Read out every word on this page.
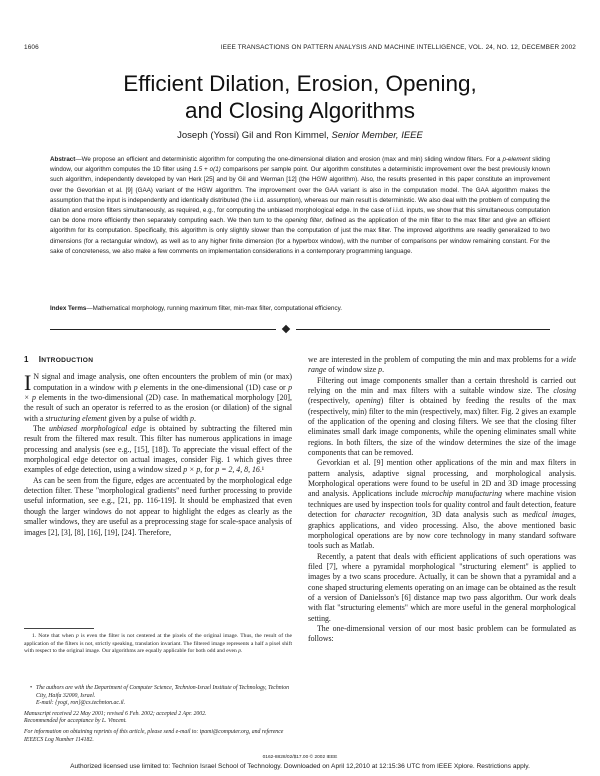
1606	IEEE TRANSACTIONS ON PATTERN ANALYSIS AND MACHINE INTELLIGENCE, VOL. 24, NO. 12, DECEMBER 2002
Efficient Dilation, Erosion, Opening,
and Closing Algorithms
Joseph (Yossi) Gil and Ron Kimmel, Senior Member, IEEE
Abstract—We propose an efficient and deterministic algorithm for computing the one-dimensional dilation and erosion (max and min) sliding window filters. For a p-element sliding window, our algorithm computes the 1D filter using 1.5 + o(1) comparisons per sample point. Our algorithm constitutes a deterministic improvement over the best previously known such algorithm, independently developed by van Herk [25] and by Gil and Werman [12] (the HGW algorithm). Also, the results presented in this paper constitute an improvement over the Gevorkian et al. [9] (GAA) variant of the HGW algorithm. The improvement over the GAA variant is also in the computation model. The GAA algorithm makes the assumption that the input is independently and identically distributed (the i.i.d. assumption), whereas our main result is deterministic. We also deal with the problem of computing the dilation and erosion filters simultaneously, as required, e.g., for computing the unbiased morphological edge. In the case of i.i.d. inputs, we show that this simultaneous computation can be done more efficiently then separately computing each. We then turn to the opening filter, defined as the application of the min filter to the max filter and give an efficient algorithm for its computation. Specifically, this algorithm is only slightly slower than the computation of just the max filter. The improved algorithms are readily generalized to two dimensions (for a rectangular window), as well as to any higher finite dimension (for a hyperbox window), with the number of comparisons per window remaining constant. For the sake of concreteness, we also make a few comments on implementation considerations in a contemporary programming language.
Index Terms—Mathematical morphology, running maximum filter, min-max filter, computational efficiency.
1 INTRODUCTION

I N signal and image analysis, one often encounters the problem of min (or max) computation in a window with p elements in the one-dimensional (1D) case or p × p elements in the two-dimensional (2D) case. In mathematical morphology [20], the result of such an operator is referred to as the erosion (or dilation) of the signal with a structuring element given by a pulse of width p.

The unbiased morphological edge is obtained by subtracting the filtered min result from the filtered max result. This filter has numerous applications in image processing and analysis (see e.g., [15], [18]). To appreciate the visual effect of the morphological edge detector on actual images, consider Fig. 1 which gives three examples of edge detection, using a window sized p × p, for p = 2, 4, 8, 16.¹

As can be seen from the figure, edges are accentuated by the morphological edge detection filter. These "morphological gradients" need further processing to provide useful information, see e.g., [21, pp. 116-119]. It should be emphasized that even though the larger windows do not appear to highlight the edges as clearly as the smaller windows, they are useful as a preprocessing stage for scale-space analysis of images [2], [3], [8], [16], [19], [24]. Therefore,

1. Note that when p is even the filter is not centered at the pixels of the original image. Thus, the result of the application of the filters is not, strictly speaking, translation invariant. The filtered image represents a half a pixel shift with respect to the original image. Our algorithms are equally applicable for both odd and even p.

• The authors are with the Department of Computer Science, Technion-Israel Institute of Technology, Technion City, Haifa 32000, Israel.

E-mail: {yogi, ron}@cs.technion.ac.il.

Manuscript received 22 May 2001; revised 6 Feb. 2002; accepted 2 Apr. 2002.

Recommended for acceptance by L. Vincent.

For information on obtaining reprints of this article, please send e-mail to: tpami@computer.org, and reference IEEECS Log Number 114182.

we are interested in the problem of computing the min and max problems for a wide range of window size p.

Filtering out image components smaller than a certain threshold is carried out relying on the min and max filters with a suitable window size. The closing (respectively, opening) filter is obtained by feeding the results of the max (respectively, min) filter to the min (respectively, max) filter. Fig. 2 gives an example of the application of the opening and closing filters. We see that the closing filter eliminates small dark image components, while the opening eliminates small white regions. In both filters, the size of the window determines the size of the image components that can be removed.

Gevorkian et al. [9] mention other applications of the min and max filters in pattern analysis, adaptive signal processing, and morphological analysis. Morphological operations were found to be useful in 2D and 3D image processing and analysis. Applications include microchip manufacturing where machine vision techniques are used by inspection tools for quality control and fault detection, feature detection for character recognition, 3D data analysis such as medical images, graphics applications, and video processing. Also, the above mentioned basic morphological operations are by now core technology in many standard software tools such as Matlab.

Recently, a patent that deals with efficient applications of such operations was filed [7], where a pyramidal morphological "structuring element" is applied to images by a two scans procedure. Actually, it can be shown that a pyramidal and a cone shaped structuring elements operating on an image can be obtained as the result of a version of Danielsson's [6] distance map two pass algorithm. Our work deals with flat "structuring elements" which are more useful in the general morphological setting.

The one-dimensional version of our most basic problem can be formulated as follows:

0162-8828/02/$17.00 © 2002 IEEE
Authorized licensed use limited to: Technion Israel School of Technology. Downloaded on April 12,2010 at 12:15:36 UTC from IEEE Xplore. Restrictions apply.
